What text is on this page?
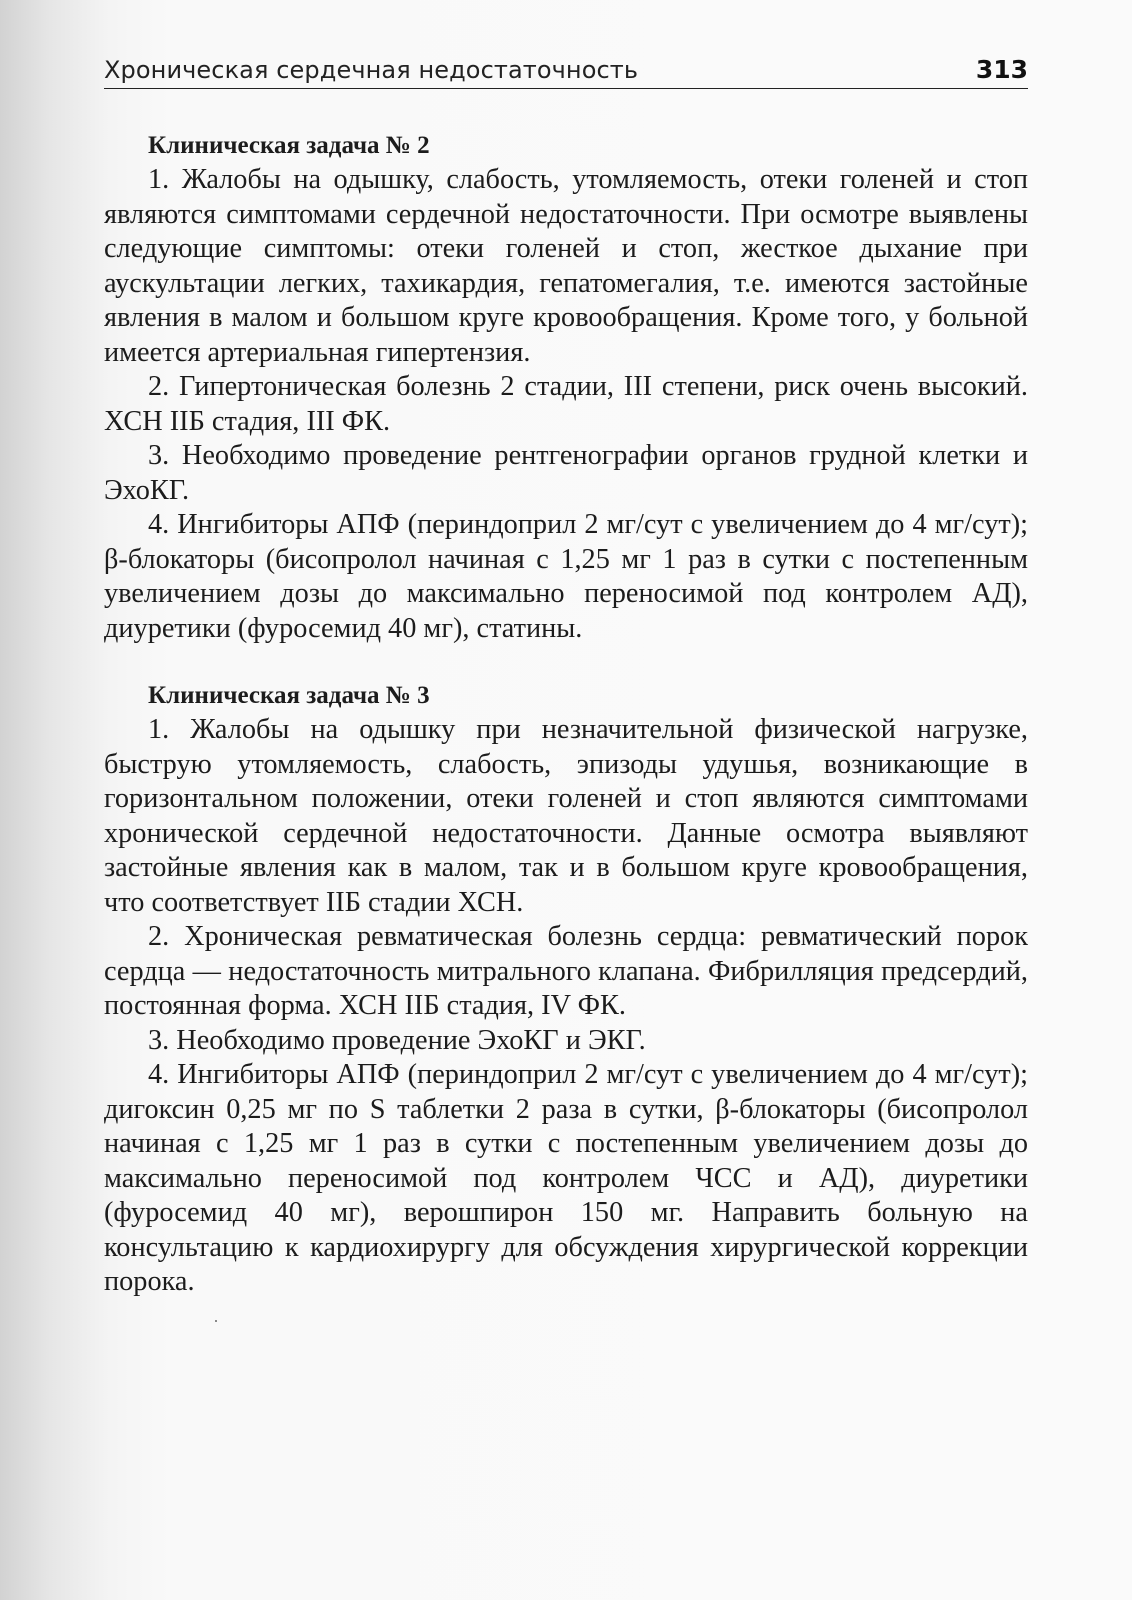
Хроническая сердечная недостаточность	313

Клиническая задача № 2

1. Жалобы на одышку, слабость, утомляемость, отеки голеней и стоп являются симптомами сердечной недостаточности. При осмотре выявлены следующие симптомы: отеки голеней и стоп, жесткое дыхание при аускультации легких, тахикардия, гепатомегалия, т.е. имеются застойные явления в малом и большом круге кровообращения. Кроме того, у больной имеется артериальная гипертензия.

2. Гипертоническая болезнь 2 стадии, III степени, риск очень высокий. ХСН IIБ стадия, III ФК.

3. Необходимо проведение рентгенографии органов грудной клетки и ЭхоКГ.

4. Ингибиторы АПФ (периндоприл 2 мг/сут с увеличением до 4 мг/сут); β-блокаторы (бисопролол начиная с 1,25 мг 1 раз в сутки с постепенным увеличением дозы до максимально переносимой под контролем АД), диуретики (фуросемид 40 мг), статины.

Клиническая задача № 3

1. Жалобы на одышку при незначительной физической нагрузке, быструю утомляемость, слабость, эпизоды удушья, возникающие в горизонтальном положении, отеки голеней и стоп являются симптомами хронической сердечной недостаточности. Данные осмотра выявляют застойные явления как в малом, так и в большом круге кровообращения, что соответствует IIБ стадии ХСН.

2. Хроническая ревматическая болезнь сердца: ревматический порок сердца — недостаточность митрального клапана. Фибрилляция предсердий, постоянная форма. ХСН IIБ стадия, IV ФК.

3. Необходимо проведение ЭхоКГ и ЭКГ.

4. Ингибиторы АПФ (периндоприл 2 мг/сут с увеличением до 4 мг/сут); дигоксин 0,25 мг по S таблетки 2 раза в сутки, β-блокаторы (бисопролол начиная с 1,25 мг 1 раз в сутки с постепенным увеличением дозы до максимально переносимой под контролем ЧСС и АД), диуретики (фуросемид 40 мг), верошпирон 150 мг. Направить больную на консультацию к кардиохирургу для обсуждения хирургической коррекции порока.
